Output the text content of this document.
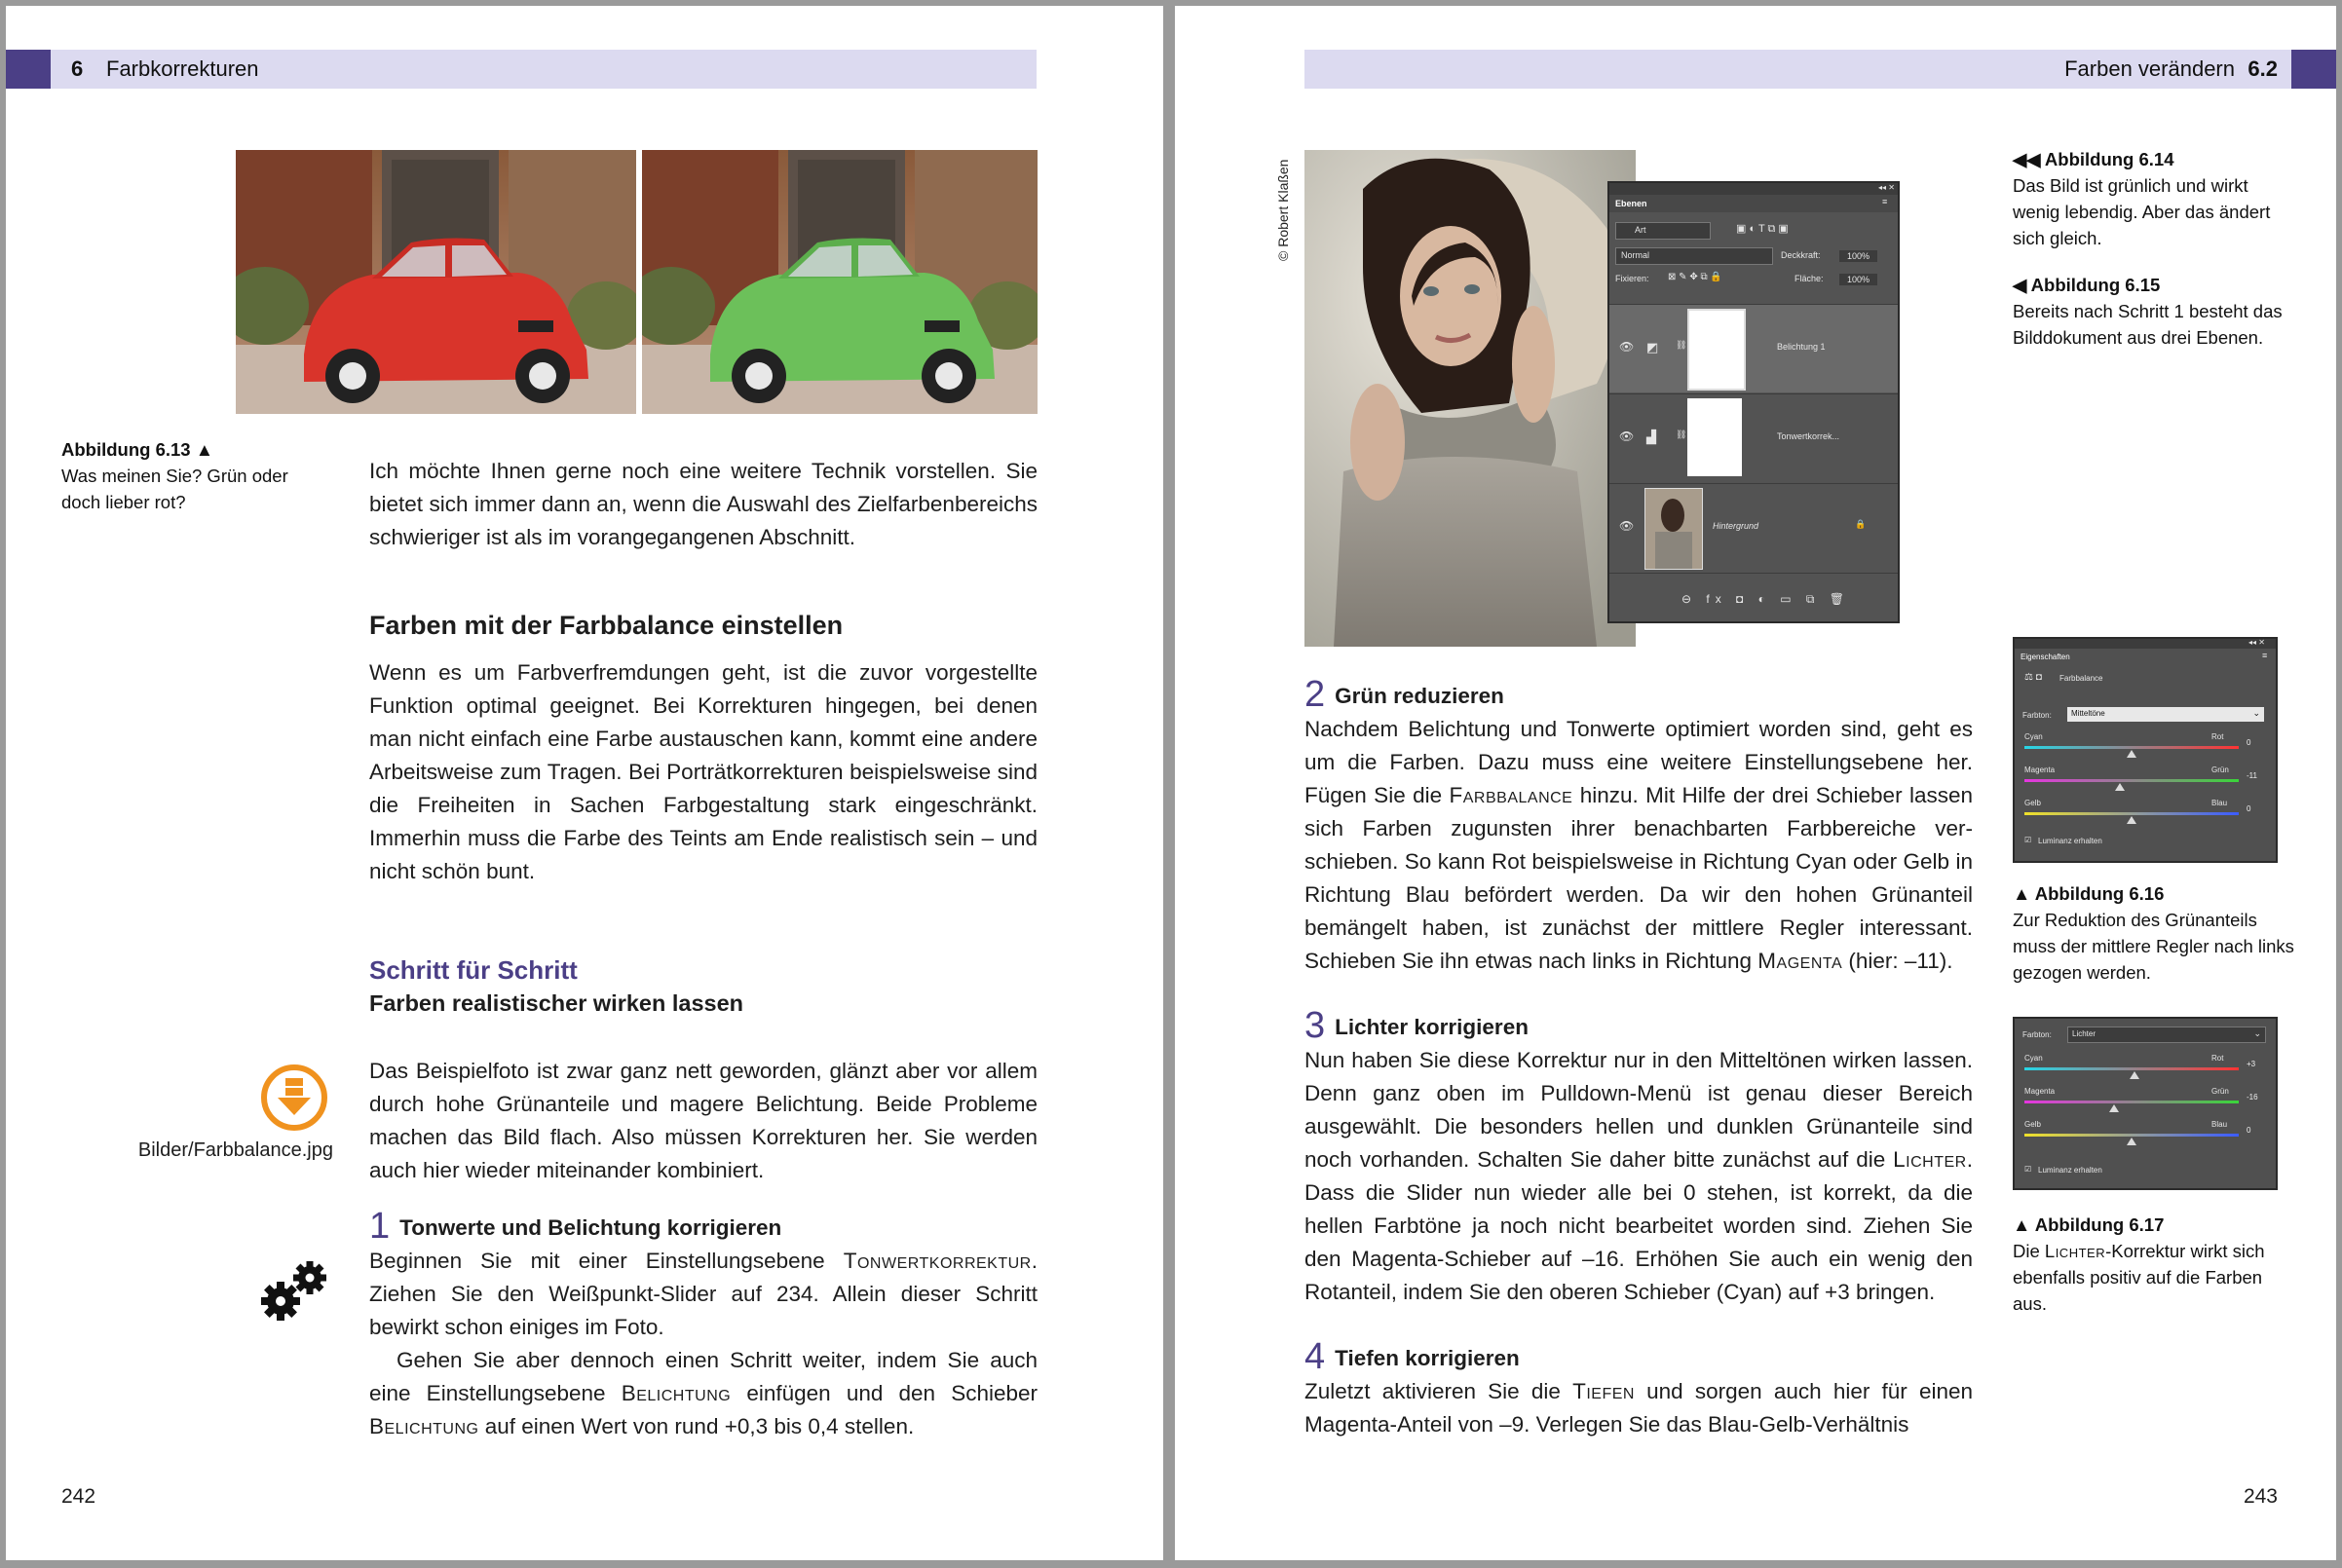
6 Farbkorrekturen
Abbildung 6.13 ▲
Was meinen Sie? Grün oder doch lieber rot?
Ich möchte Ihnen gerne noch eine weitere Technik vorstellen. Sie bietet sich immer dann an, wenn die Auswahl des Zielfarbenbereichs schwieriger ist als im vorangegangenen Abschnitt.
Farben mit der Farbbalance einstellen
Wenn es um Farbverfremdungen geht, ist die zuvor vorgestellte Funktion optimal geeignet. Bei Korrekturen hingegen, bei denen man nicht einfach eine Farbe austauschen kann, kommt eine andere Arbeitsweise zum Tragen. Bei Porträtkorrekturen beispielsweise sind die Freiheiten in Sachen Farbgestaltung stark eingeschränkt. Immerhin muss die Farbe des Teints am Ende realistisch sein – und nicht schön bunt.
Schritt für Schritt
Farben realistischer wirken lassen
Bilder/Farbbalance.jpg
Das Beispielfoto ist zwar ganz nett geworden, glänzt aber vor allem durch hohe Grünanteile und magere Belichtung. Beide Probleme machen das Bild flach. Also müssen Korrekturen her. Sie werden auch hier wieder miteinander kombiniert.
1 Tonwerte und Belichtung korrigieren
Beginnen Sie mit einer Einstellungsebene Tonwertkorrektur. Ziehen Sie den Weißpunkt-Slider auf 234. Allein dieser Schritt bewirkt schon einiges im Foto.
Gehen Sie aber dennoch einen Schritt weiter, indem Sie auch eine Einstellungsebene Belichtung einfügen und den Schieber Belichtung auf einen Wert von rund +0,3 bis 0,4 stellen.
242
Farben verändern 6.2
© Robert Klaßen	◂◂ ✕
Ebenen	≡
Art	▣ ◐ T ⧉ ▣
Normal	Deckkraft:	100%
Fixieren: ⊠ ✎ ✥ ⧉ 🔒	Fläche:	100%
👁 ◩ ⛓	Belichtung 1
👁 ▟ ⛓	Tonwertkorrek...
👁	Hintergrund	🔒
⊖ fx ◘ ◐ ▭ ⧉ 🗑
◀◀ Abbildung 6.14
Das Bild ist grünlich und wirkt wenig lebendig. Aber das ändert sich gleich.
◀ Abbildung 6.15
Bereits nach Schritt 1 besteht das Bilddokument aus drei Ebenen.
◂◂ ✕
Eigenschaften	≡
⚖ ◘ Farbbalance
Farbton:	Mitteltöne	⌄
Cyan	Rot
0
Magenta	Grün
-11
Gelb	Blau
0
☑ Luminanz erhalten
▲ Abbildung 6.16
Zur Reduktion des Grünanteils muss der mittlere Regler nach links gezogen werden.
Farbton:	Lichter	⌄
Cyan	Rot
+3
Magenta	Grün
-16
Gelb	Blau
0
☑ Luminanz erhalten
▲ Abbildung 6.17
Die Lichter-Korrektur wirkt sich ebenfalls positiv auf die Farben aus.
2 Grün reduzieren
Nachdem Belichtung und Tonwerte optimiert worden sind, geht es um die Farben. Dazu muss eine weitere Einstellungsebene her. Fügen Sie die Farbbalance hinzu. Mit Hilfe der drei Schieber lassen sich Farben zugunsten ihrer benachbarten Farbbereiche verschieben. So kann Rot beispielsweise in Richtung Cyan oder Gelb in Richtung Blau befördert werden. Da wir den hohen Grünanteil bemängelt haben, ist zunächst der mittlere Regler interessant. Schieben Sie ihn etwas nach links in Richtung Magenta (hier: –11).
3 Lichter korrigieren
Nun haben Sie diese Korrektur nur in den Mitteltönen wirken lassen. Denn ganz oben im Pulldown-Menü ist genau dieser Bereich ausgewählt. Die besonders hellen und dunklen Grünanteile sind noch vorhanden. Schalten Sie daher bitte zunächst auf die Lichter. Dass die Slider nun wieder alle bei 0 stehen, ist korrekt, da die hellen Farbtöne ja noch nicht bearbeitet worden sind. Ziehen Sie den Magenta-Schieber auf –16. Erhöhen Sie auch ein wenig den Rotanteil, indem Sie den oberen Schieber (Cyan) auf +3 bringen.
4 Tiefen korrigieren
Zuletzt aktivieren Sie die Tiefen und sorgen auch hier für einen Magenta-Anteil von –9. Verlegen Sie das Blau-Gelb-Verhältnis
243
